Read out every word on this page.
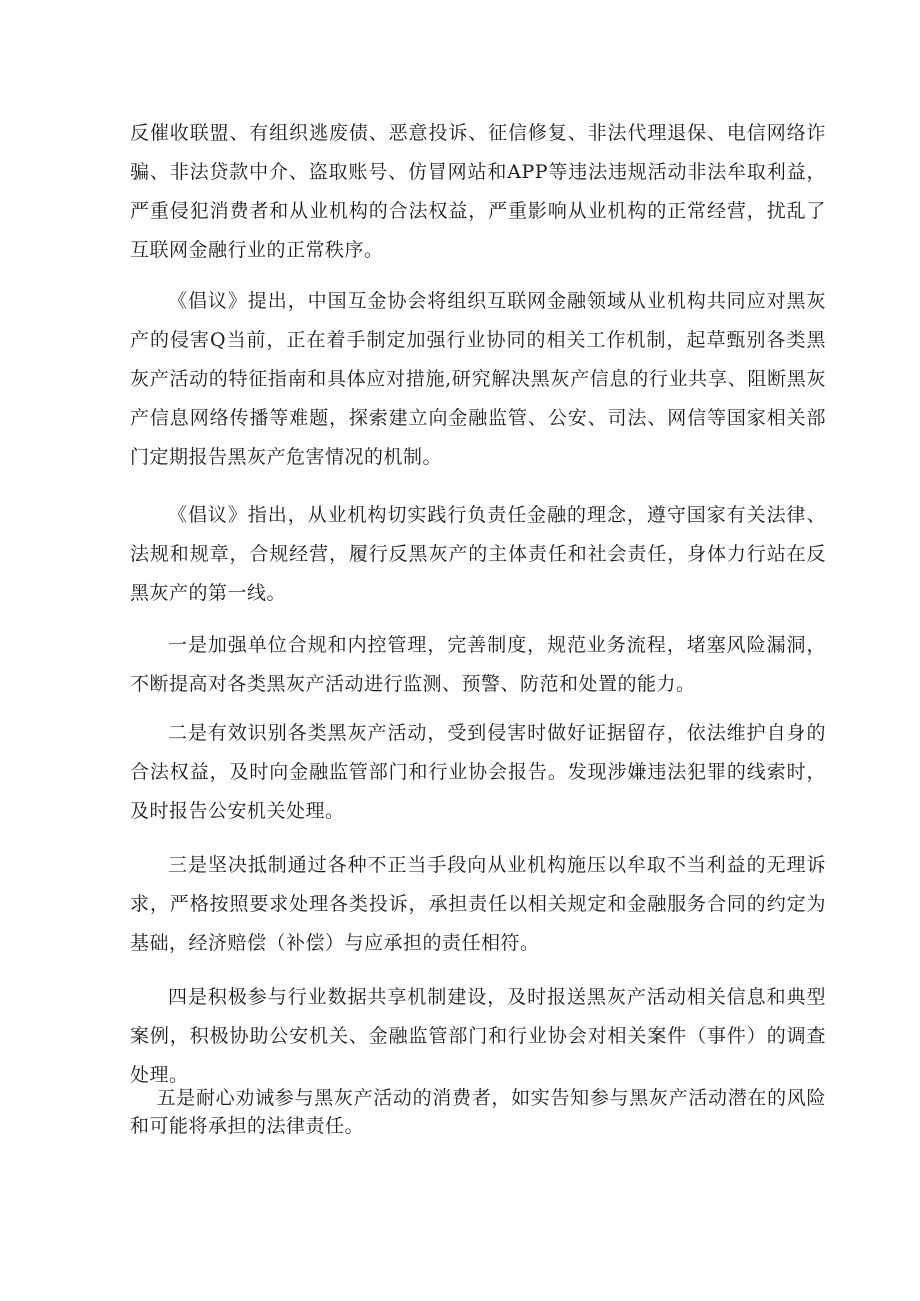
反催收联盟、有组织逃废债、恶意投诉、征信修复、非法代理退保、电信网络诈骗、非法贷款中介、盗取账号、仿冒网站和APP等违法违规活动非法牟取利益，严重侵犯消费者和从业机构的合法权益，严重影响从业机构的正常经营，扰乱了互联网金融行业的正常秩序。

《倡议》提出，中国互金协会将组织互联网金融领域从业机构共同应对黑灰产的侵害Q当前，正在着手制定加强行业协同的相关工作机制，起草甄别各类黑灰产活动的特征指南和具体应对措施,研究解决黑灰产信息的行业共享、阻断黑灰产信息网络传播等难题，探索建立向金融监管、公安、司法、网信等国家相关部门定期报告黑灰产危害情况的机制。

《倡议》指出，从业机构切实践行负责任金融的理念，遵守国家有关法律、法规和规章，合规经营，履行反黑灰产的主体责任和社会责任，身体力行站在反黑灰产的第一线。

一是加强单位合规和内控管理，完善制度，规范业务流程，堵塞风险漏洞，不断提高对各类黑灰产活动进行监测、预警、防范和处置的能力。

二是有效识别各类黑灰产活动，受到侵害时做好证据留存，依法维护自身的合法权益，及时向金融监管部门和行业协会报告。发现涉嫌违法犯罪的线索时，及时报告公安机关处理。

三是坚决抵制通过各种不正当手段向从业机构施压以牟取不当利益的无理诉求，严格按照要求处理各类投诉，承担责任以相关规定和金融服务合同的约定为基础，经济赔偿（补偿）与应承担的责任相符。

四是积极参与行业数据共享机制建设，及时报送黑灰产活动相关信息和典型案例，积极协助公安机关、金融监管部门和行业协会对相关案件（事件）的调查处理。

五是耐心劝诫参与黑灰产活动的消费者，如实告知参与黑灰产活动潜在的风险和可能将承担的法律责任。
